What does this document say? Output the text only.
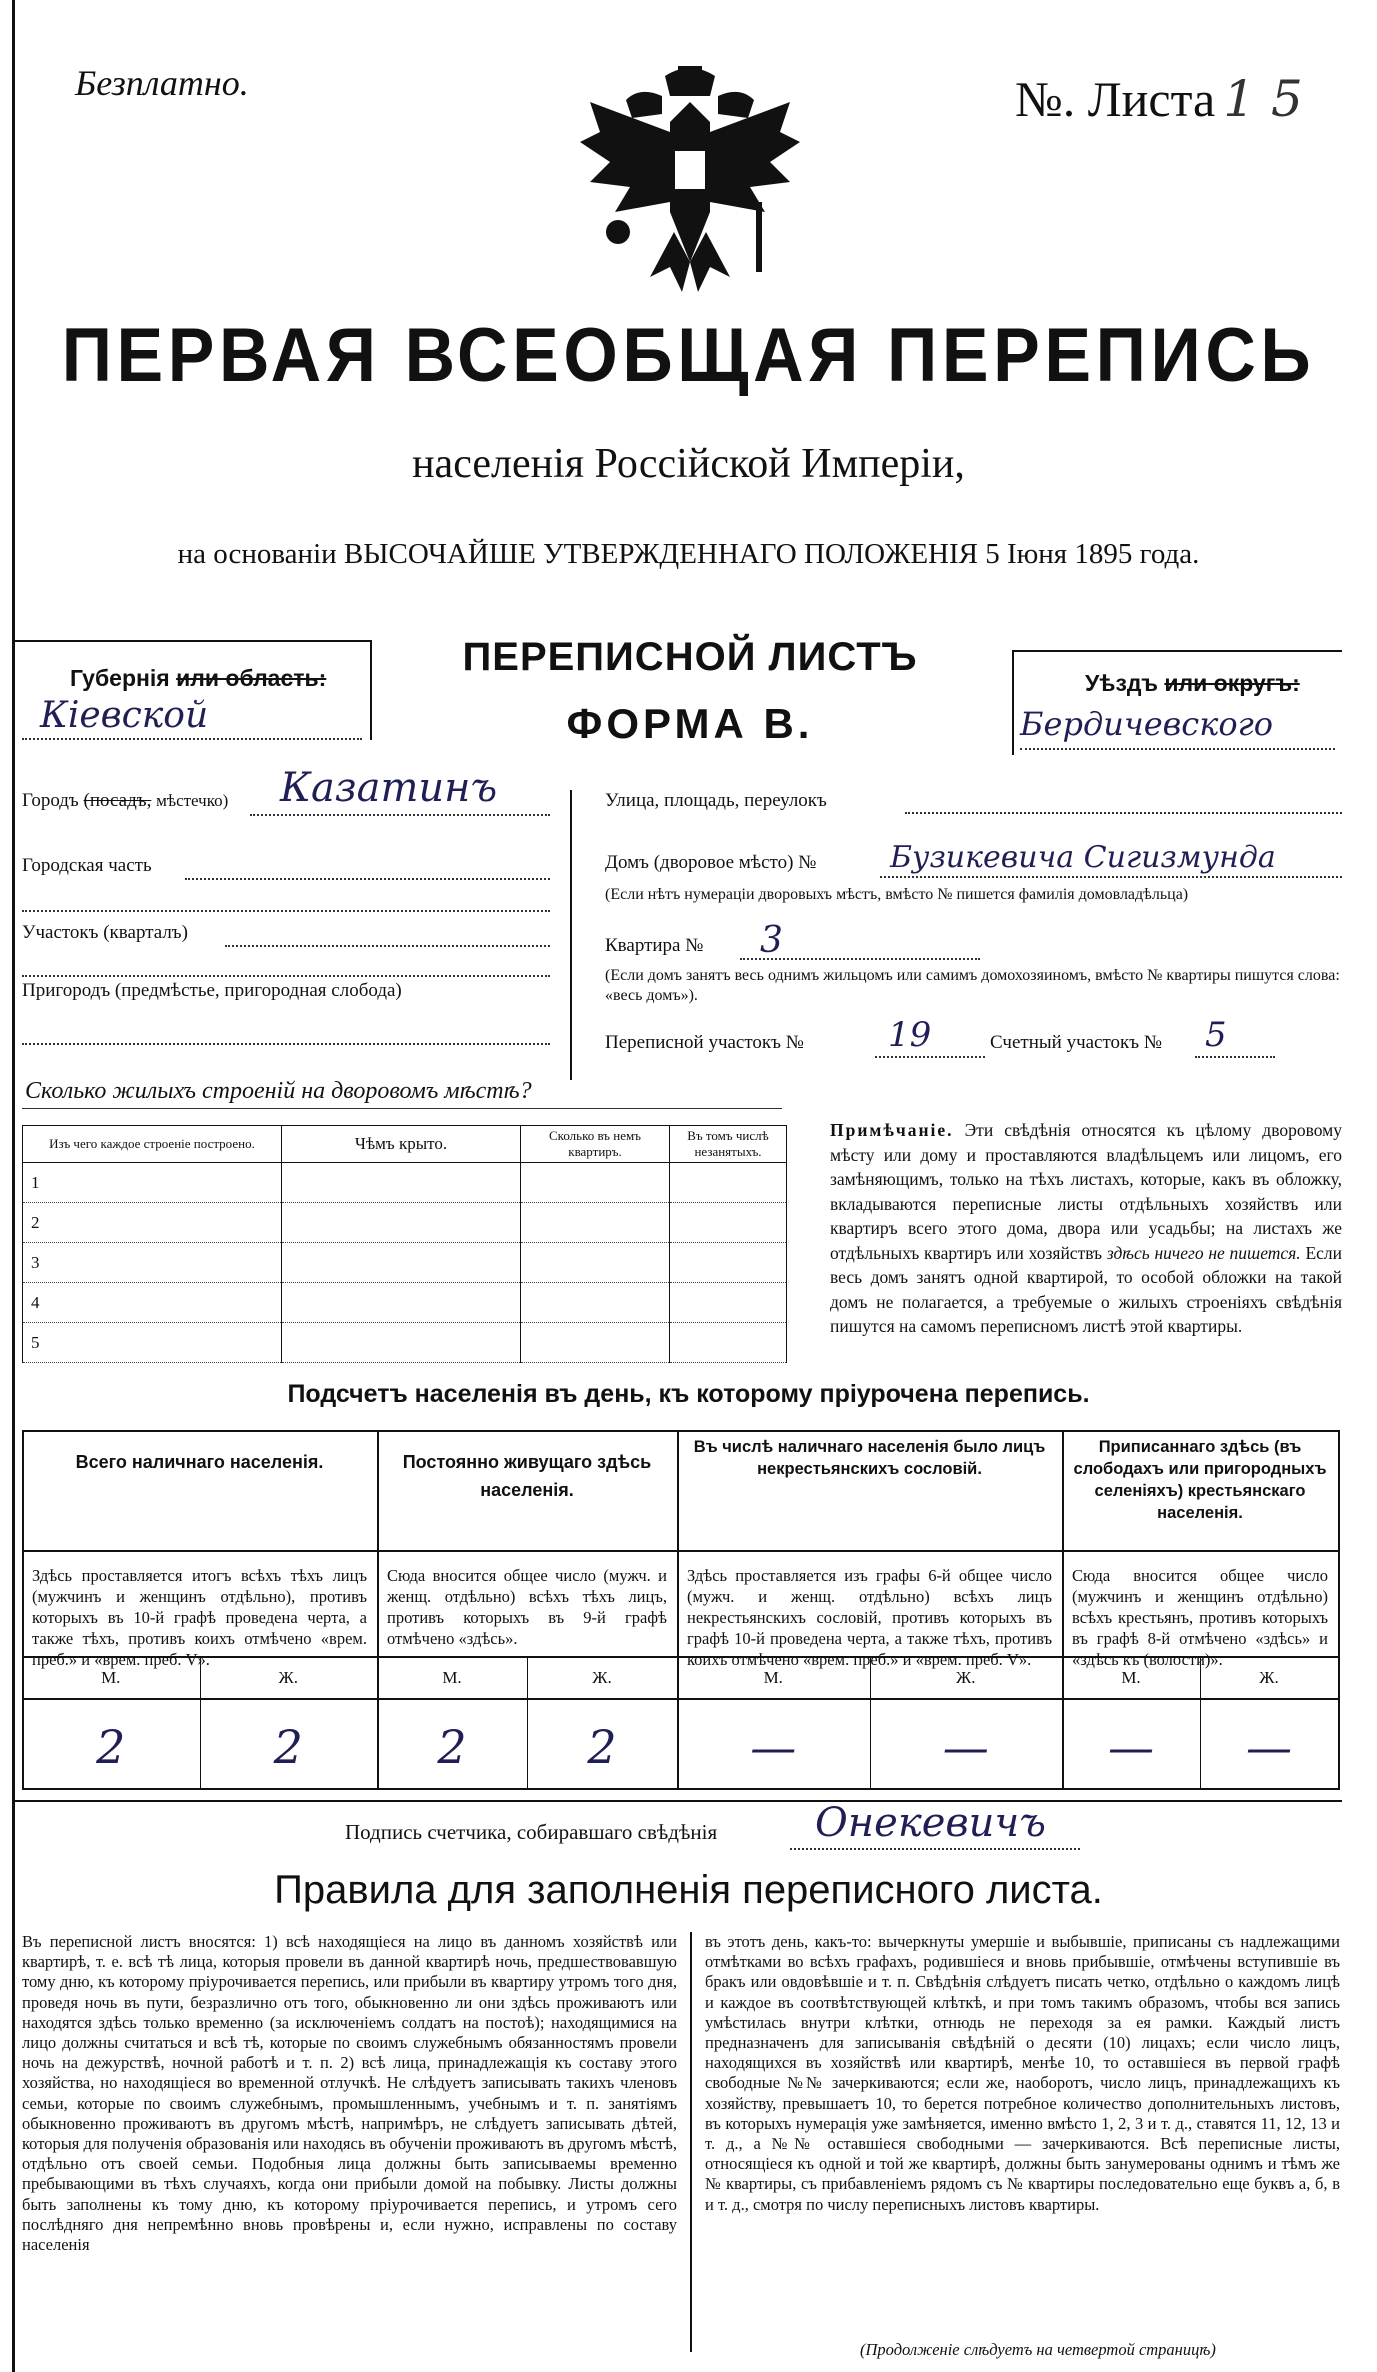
Безплатно.	№. Листа 1 5
ПЕРВАЯ ВСЕОБЩАЯ ПЕРЕПИСЬ
населенія Россійской Имперіи,
на основаніи ВЫСОЧАЙШЕ УТВЕРЖДЕННАГО ПОЛОЖЕНІЯ 5 Іюня 1895 года.
Губернія или область:
Кiевской
ПЕРЕПИСНОЙ ЛИСТЪ
ФОРМА В.
Уѣздъ или округъ:
Бердичевского
Городъ (посадъ, мѣстечко) Казатинъ
Городская часть
Участокъ (кварталъ)
Пригородъ (предмѣстье, пригородная слобода)
Улица, площадь, переулокъ
Домъ (дворовое мѣсто) № Бузикевича Сигизмунда
(Если нѣтъ нумераціи дворовыхъ мѣстъ, вмѣсто № пишется фамилія домовладѣльца)
Квартира № 3
(Если домъ занятъ весь однимъ жильцомъ или самимъ домохозяиномъ, вмѣсто № квартиры пишутся слова: «весь домъ»).
Переписной участокъ № 19	Счетный участокъ № 5
Сколько жилыхъ строеній на дворовомъ мѣстѣ?
Изъ чего каждое строеніе построено.	Чѣмъ крыто.	Сколько въ немъ квартиръ.	Въ томъ числѣ незанятыхъ.
1			
2			
3			
4			
5			
Примѣчаніе. Эти свѣдѣнія относятся къ цѣлому дворовому мѣсту или дому и проставляются владѣльцемъ или лицомъ, его замѣняющимъ, только на тѣхъ листахъ, которые, какъ въ обложку, вкладываются переписные листы отдѣльныхъ хозяйствъ или квартиръ всего этого дома, двора или усадьбы; на листахъ же отдѣльныхъ квартиръ или хозяйствъ здѣсь ничего не пишется. Если весь домъ занятъ одной квартирой, то особой обложки на такой домъ не полагается, а требуемые о жилыхъ строеніяхъ свѣдѣнія пишутся на самомъ переписномъ листѣ этой квартиры.
Подсчетъ населенія въ день, къ которому пріурочена перепись.
Всего наличнаго населенія.
Здѣсь проставляется итогъ всѣхъ тѣхъ лицъ (мужчинъ и женщинъ отдѣльно), противъ которыхъ въ 10-й графѣ проведена черта, а также тѣхъ, противъ коихъ отмѣчено «врем. преб.» и «врем. преб. V».
М.	Ж.
2	2
Постоянно живущаго здѣсь населенія.
Сюда вносится общее число (мужч. и женщ. отдѣльно) всѣхъ тѣхъ лицъ, противъ которыхъ въ 9-й графѣ отмѣчено «здѣсь».
М.	Ж.
2	2
Въ числѣ наличнаго населенія было лицъ некрестьянскихъ сословій.
Здѣсь проставляется изъ графы 6-й общее число (мужч. и женщ. отдѣльно) всѣхъ лицъ некрестьянскихъ сословій, противъ которыхъ въ графѣ 10-й проведена черта, а также тѣхъ, противъ коихъ отмѣчено «врем. преб.» и «врем. преб. V».
М.	Ж.
—	—
Приписаннаго здѣсь (въ слободахъ или пригородныхъ селеніяхъ) крестьянскаго населенія.
Сюда вносится общее число (мужчинъ и женщинъ отдѣльно) всѣхъ крестьянъ, противъ которыхъ въ графѣ 8-й отмѣчено «здѣсь» и «здѣсь къ (волости)».
М.	Ж.
—	—
Подпись счетчика, собиравшаго свѣдѣнія Онекевичъ
Правила для заполненія переписного листа.
Въ переписной листъ вносятся: 1) всѣ находящіеся на лицо въ данномъ хозяйствѣ или квартирѣ, т. е. всѣ тѣ лица, которыя провели въ данной квартирѣ ночь, предшествовавшую тому дню, къ которому пріурочивается перепись, или прибыли въ квартиру утромъ того дня, проведя ночь въ пути, безразлично отъ того, обыкновенно ли они здѣсь проживаютъ или находятся здѣсь только временно (за исключеніемъ солдатъ на постоѣ); находящимися на лицо должны считаться и всѣ тѣ, которые по своимъ служебнымъ обязанностямъ провели ночь на дежурствѣ, ночной работѣ и т. п. 2) всѣ лица, принадлежащія къ составу этого хозяйства, но находящіеся во временной отлучкѣ. Не слѣдуетъ записывать такихъ членовъ семьи, которые по своимъ служебнымъ, промышленнымъ, учебнымъ и т. п. занятіямъ обыкновенно проживаютъ въ другомъ мѣстѣ, напримѣръ, не слѣдуетъ записывать дѣтей, которыя для полученія образованія или находясь въ обученіи проживаютъ въ другомъ мѣстѣ, отдѣльно отъ своей семьи. Подобныя лица должны быть записываемы временно пребывающими въ тѣхъ случаяхъ, когда они прибыли домой на побывку. Листы должны быть заполнены къ тому дню, къ которому пріурочивается перепись, и утромъ сего послѣдняго дня непремѣнно вновь провѣрены и, если нужно, исправлены по составу населенія
въ этотъ день, какъ-то: вычеркнуты умершіе и выбывшіе, приписаны съ надлежащими отмѣтками во всѣхъ графахъ, родившіеся и вновь прибывшіе, отмѣчены вступившіе въ бракъ или овдовѣвшіе и т. п. Свѣдѣнія слѣдуетъ писать четко, отдѣльно о каждомъ лицѣ и каждое въ соотвѣтствующей клѣткѣ, и при томъ такимъ образомъ, чтобы вся запись умѣстилась внутри клѣтки, отнюдь не переходя за ея рамки. Каждый листъ предназначенъ для записыванія свѣдѣній о десяти (10) лицахъ; если число лицъ, находящихся въ хозяйствѣ или квартирѣ, менѣе 10, то оставшіеся въ первой графѣ свободные №№ зачеркиваются; если же, наоборотъ, число лицъ, принадлежащихъ къ хозяйству, превышаетъ 10, то берется потребное количество дополнительныхъ листовъ, въ которыхъ нумерація уже замѣняется, именно вмѣсто 1, 2, 3 и т. д., ставятся 11, 12, 13 и т. д., а №№ оставшіеся свободными — зачеркиваются. Всѣ переписные листы, относящіеся къ одной и той же квартирѣ, должны быть занумерованы однимъ и тѣмъ же № квартиры, съ прибавленіемъ рядомъ съ № квартиры последовательно еще буквъ а, б, в и т. д., смотря по числу переписныхъ листовъ квартиры.
(Продолженіе слѣдуетъ на четвертой страницѣ)
